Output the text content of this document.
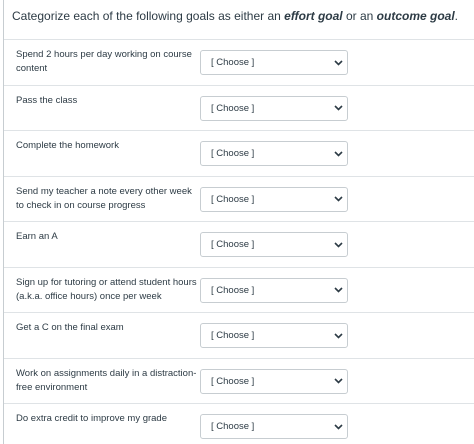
Categorize each of the following goals as either an effort goal or an outcome goal.
Spend 2 hours per day working on course content
[ Choose ]
Pass the class
[ Choose ]
Complete the homework
[ Choose ]
Send my teacher a note every other week to check in on course progress
[ Choose ]
Earn an A
[ Choose ]
Sign up for tutoring or attend student hours (a.k.a. office hours) once per week
[ Choose ]
Get a C on the final exam
[ Choose ]
Work on assignments daily in a distraction-free environment
[ Choose ]
Do extra credit to improve my grade
[ Choose ]
